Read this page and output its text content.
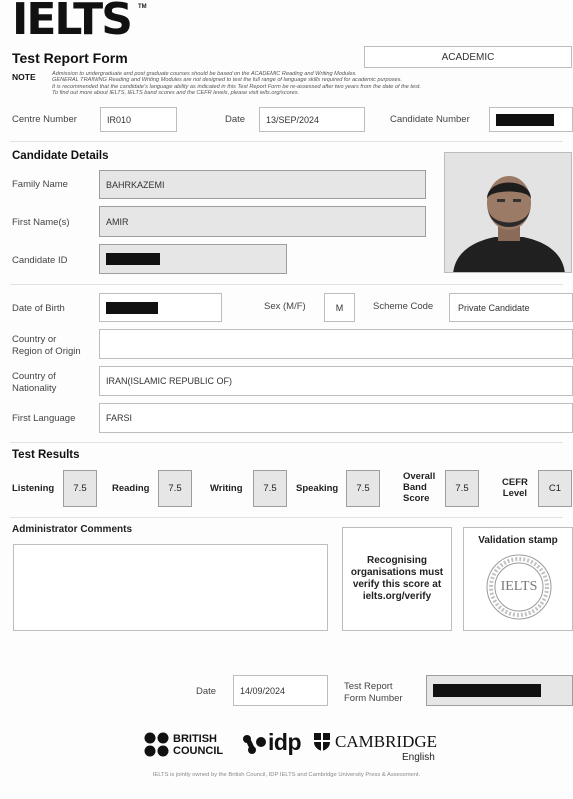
IELTS TM
Test Report Form	ACADEMIC
NOTE	Admission to undergraduate and post graduate courses should be based on the ACADEMIC Reading and Writing Modules.

GENERAL TRAINING Reading and Writing Modules are not designed to test the full range of language skills required for academic purposes.

It is recommended that the candidate's language ability as indicated in this Test Report Form be re-assessed after two years from the date of the test.

To find out more about IELTS, IELTS band scores and the CEFR levels, please visit ielts.org/scores.

Centre Number	IR010	Date	13/SEP/2024	Candidate Number
Candidate Details
Family Name	BAHRKAZEMI
First Name(s)	AMIR
Candidate ID
Date of Birth	Sex (M/F)	M	Scheme Code	Private Candidate
Country or
Region of Origin
Country of
Nationality
IRAN(ISLAMIC REPUBLIC OF)
First Language	FARSI
Test Results
Listening	7.5	Reading	7.5	Writing	7.5	Speaking	7.5
Overall
Band
Score
7.5
CEFR
Level	C1
Administrator Comments
Recognising organisations must verify this score at ielts.org/verify
Validation stamp
IELTS
Date	14/09/2024	Test Report
Form Number
BRITISH
COUNCIL idp CAMBRIDGE
English
IELTS is jointly owned by the British Council, IDP IELTS and Cambridge University Press & Assessment.
